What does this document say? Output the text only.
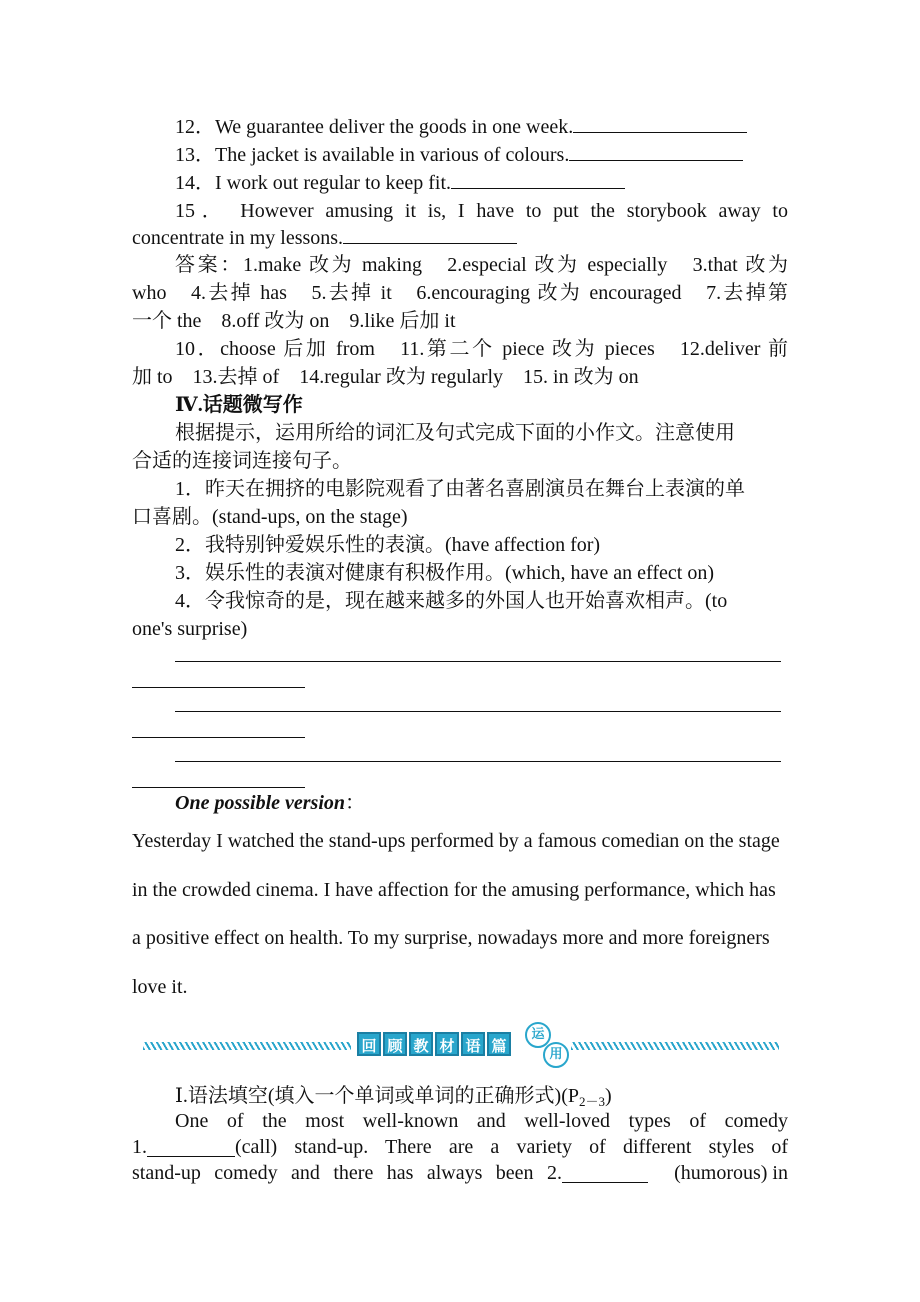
12．We guarantee deliver the goods in one week.
13．The jacket is available in various of colours.
14．I work out regular to keep fit.
15． However amusing it is, I have to put the storybook away to
concentrate in my lessons.
答案：1.make 改为 making　2.especial 改为 especially　3.that 改为
who　4.去掉 has　5.去掉 it　6.encouraging 改为 encouraged　7.去掉第
一个 the　8.off 改为 on　9.like 后加 it
10．choose 后加 from　11.第二个 piece 改为 pieces　12.deliver 前
加 to　13.去掉 of　14.regular 改为 regularly　15. in 改为 on
Ⅳ.话题微写作
根据提示，运用所给的词汇及句式完成下面的小作文。注意使用
合适的连接词连接句子。
1．昨天在拥挤的电影院观看了由著名喜剧演员在舞台上表演的单
口喜剧。(stand-ups, on the stage)
2．我特别钟爱娱乐性的表演。(have affection for)
3．娱乐性的表演对健康有积极作用。(which, have an effect on)
4．令我惊奇的是，现在越来越多的外国人也开始喜欢相声。(to
one's surprise)
One possible version：
Yesterday I watched the stand-ups performed by a famous comedian on the stage in the crowded cinema. I have affection for the amusing performance, which has a positive effect on health. To my surprise, nowadays more and more foreigners love it.
回 顾 教 材 语 篇
运
用
Ⅰ.语法填空(填入一个单词或单词的正确形式)$(P_{2-3})$
One of the most well-known and well-loved types of comedy
1.	(call) stand-up. There are a variety of different styles of
stand-up comedy and there has always been 2.	(humorous) in
